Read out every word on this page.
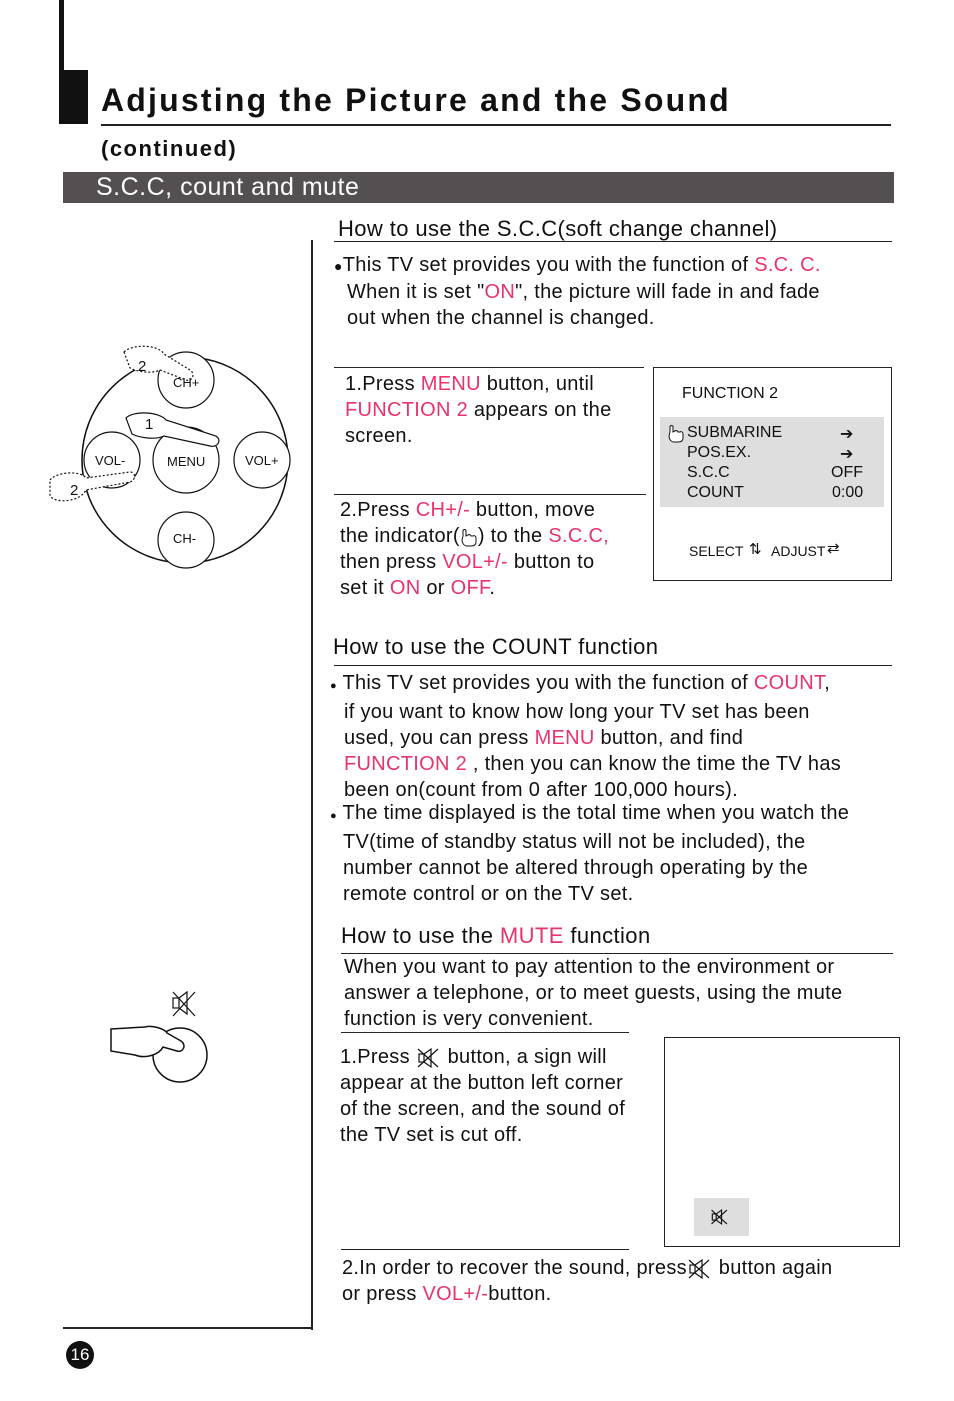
Adjusting the Picture and the Sound
(continued)
S.C.C, count and mute
CH+
CH-
VOL-	VOL+
MENU
2
1
2
How to use the S.C.C(soft change channel)
●This TV set provides you with the function of S.C. C.
When it is set "ON", the picture will fade in and fade
out when the channel is changed.
1.Press MENU button, until
FUNCTION 2 appears on the
screen.
2.Press CH+/- button, move
the indicator( ) to the S.C.C,
then press VOL+/- button to
set it ON or OFF.
FUNCTION 2
SUBMARINE	➔
POS.EX.	➔
S.C.C	OFF
COUNT	0:00
SELECT ⇅ ADJUST ⇄
How to use the COUNT function
● This TV set provides you with the function of COUNT,
if you want to know how long your TV set has been
used, you can press MENU button, and find
FUNCTION 2 , then you can know the time the TV has
been on(count from 0 after 100,000 hours).
● The time displayed is the total time when you watch the
TV(time of standby status will not be included), the
number cannot be altered through operating by the
remote control or on the TV set.
How to use the MUTE function
When you want to pay attention to the environment or
answer a telephone, or to meet guests, using the mute
function is very convenient.
1.Press  button, a sign will
appear at the button left corner
of the screen, and the sound of
the TV set is cut off.
2.In order to recover the sound, press button again
or press VOL+/-button.
16
